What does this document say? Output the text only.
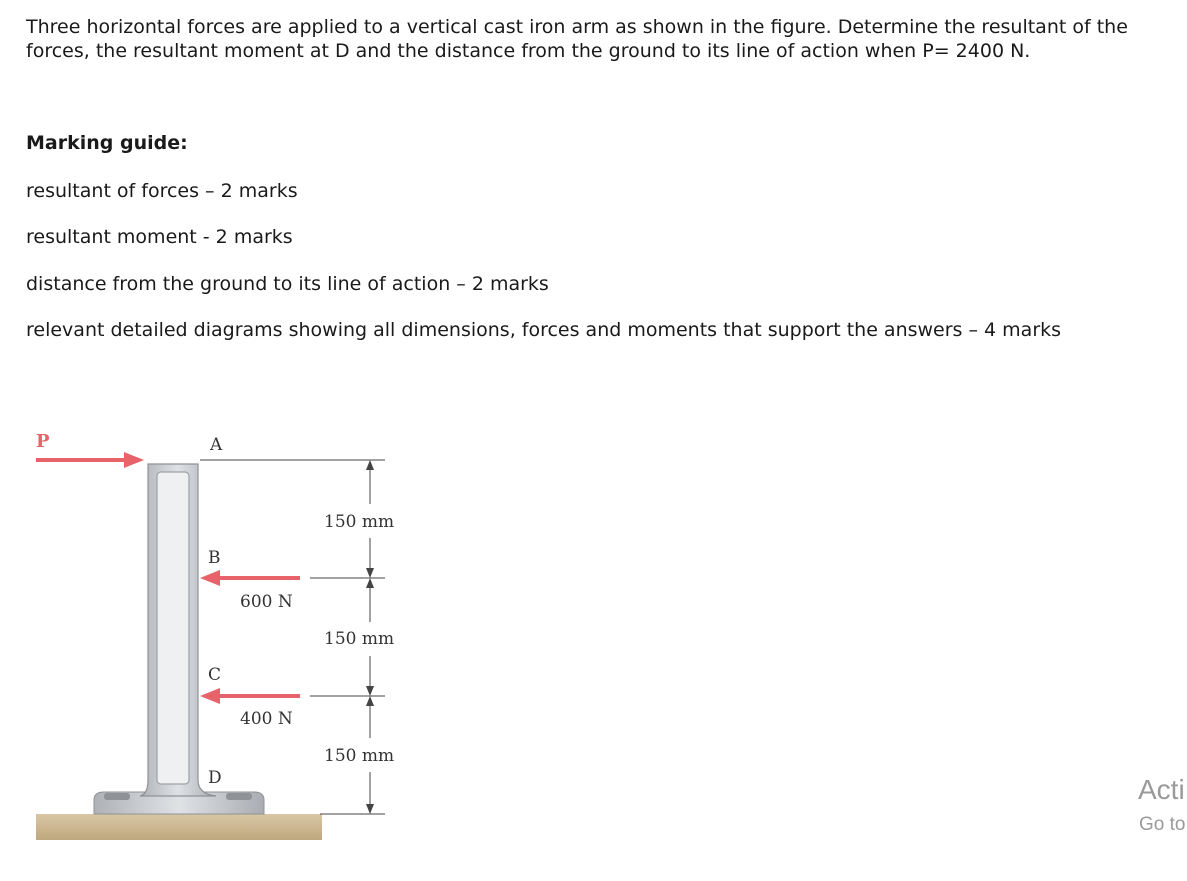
Three horizontal forces are applied to a vertical cast iron arm as shown in the figure. Determine the resultant of the forces, the resultant moment at D and the distance from the ground to its line of action when P= 2400 N.

Marking guide:

resultant of forces – 2 marks

resultant moment - 2 marks

distance from the ground to its line of action – 2 marks

relevant detailed diagrams showing all dimensions, forces and moments that support the answers – 4 marks

P	A
B
C
D
600 N
400 N
150 mm
150 mm
150 mm
Acti
Go to
